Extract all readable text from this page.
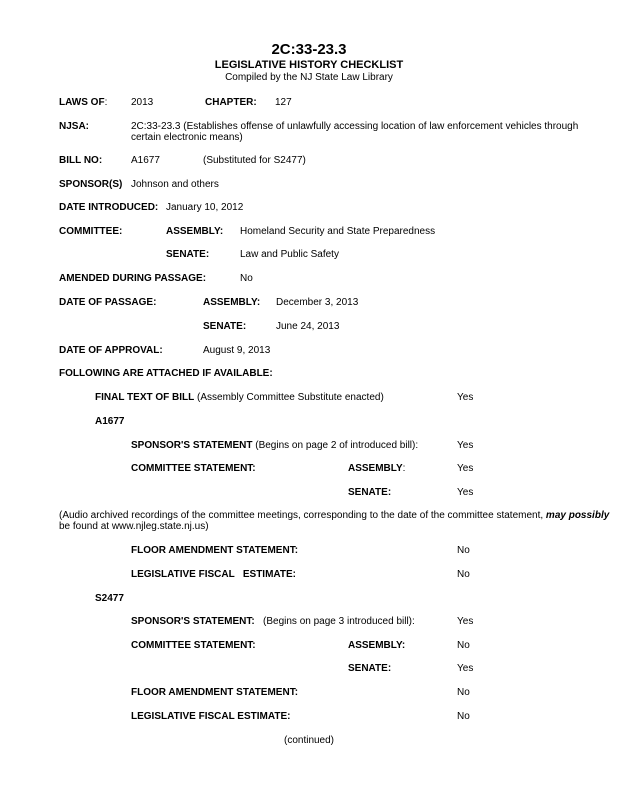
2C:33-23.3
LEGISLATIVE HISTORY CHECKLIST
Compiled by the NJ State Law Library
LAWS OF: 2013	CHAPTER: 127
NJSA:	2C:33-23.3 (Establishes offense of unlawfully accessing location of law enforcement vehicles through
certain electronic means)
BILL NO:	A1677	(Substituted for S2477)
SPONSOR(S) Johnson and others
DATE INTRODUCED: January 10, 2012
COMMITTEE:	ASSEMBLY: Homeland Security and State Preparedness
SENATE:	Law and Public Safety
AMENDED DURING PASSAGE:	No
DATE OF PASSAGE:	ASSEMBLY: December 3, 2013
SENATE:	June 24, 2013
DATE OF APPROVAL:	August 9, 2013
FOLLOWING ARE ATTACHED IF AVAILABLE:
FINAL TEXT OF BILL (Assembly Committee Substitute enacted)	Yes
A1677
SPONSOR'S STATEMENT (Begins on page 2 of introduced bill):	Yes
COMMITTEE STATEMENT:	ASSEMBLY:	Yes
SENATE:	Yes
(Audio archived recordings of the committee meetings, corresponding to the date of the committee statement, may possibly
be found at www.njleg.state.nj.us)
FLOOR AMENDMENT STATEMENT:	No
LEGISLATIVE FISCAL   ESTIMATE:	No
S2477
SPONSOR'S STATEMENT:   (Begins on page 3 introduced bill):	Yes
COMMITTEE STATEMENT:	ASSEMBLY:	No
SENATE:	Yes
FLOOR AMENDMENT STATEMENT:	No
LEGISLATIVE FISCAL ESTIMATE:	No
(continued)
